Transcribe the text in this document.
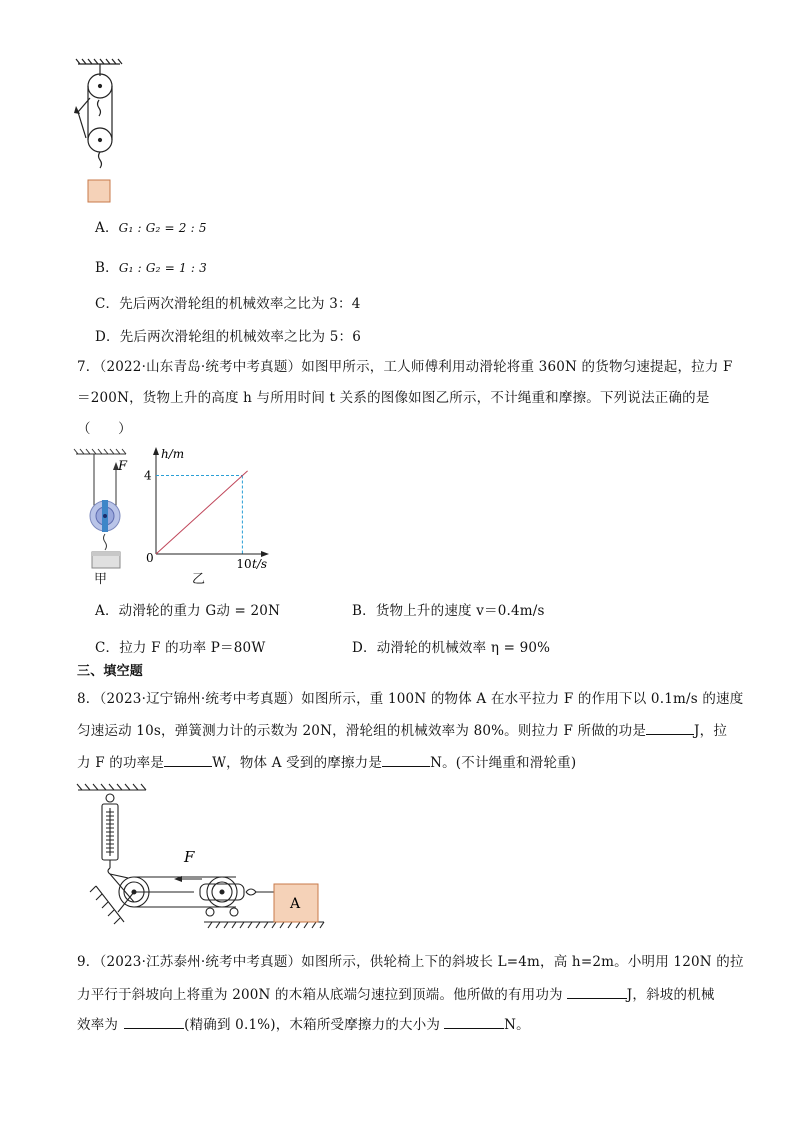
A．G₁ : G₂ = 2 : 5
B．G₁ : G₂ = 1 : 3
C．先后两次滑轮组的机械效率之比为 3：4
D．先后两次滑轮组的机械效率之比为 5：6
7．（2022·山东青岛·统考中考真题）如图甲所示，工人师傅利用动滑轮将重 360N 的货物匀速提起，拉力 F
＝200N，货物上升的高度 h 与所用时间 t 关系的图像如图乙所示，不计绳重和摩擦。下列说法正确的是
（　　）
F
甲
h/m
t/s
0	10
4
乙
A．动滑轮的重力 G动 = 20N	B．货物上升的速度 v＝0.4m/s
C．拉力 F 的功率 P＝80W	D．动滑轮的机械效率 η = 90%
三、填空题
8．（2023·辽宁锦州·统考中考真题）如图所示，重 100N 的物体 A 在水平拉力 F 的作用下以 0.1m/s 的速度
匀速运动 10s，弹簧测力计的示数为 20N，滑轮组的机械效率为 80%。则拉力 F 所做的功是	J，拉
力 F 的功率是	W，物体 A 受到的摩擦力是	N。(不计绳重和滑轮重)
F
A
9．（2023·江苏泰州·统考中考真题）如图所示，供轮椅上下的斜坡长 L=4m，高 h=2m。小明用 120N 的拉
力平行于斜坡向上将重为 200N 的木箱从底端匀速拉到顶端。他所做的有用功为	J，斜坡的机械
效率为	(精确到 0.1%)，木箱所受摩擦力的大小为	N。
